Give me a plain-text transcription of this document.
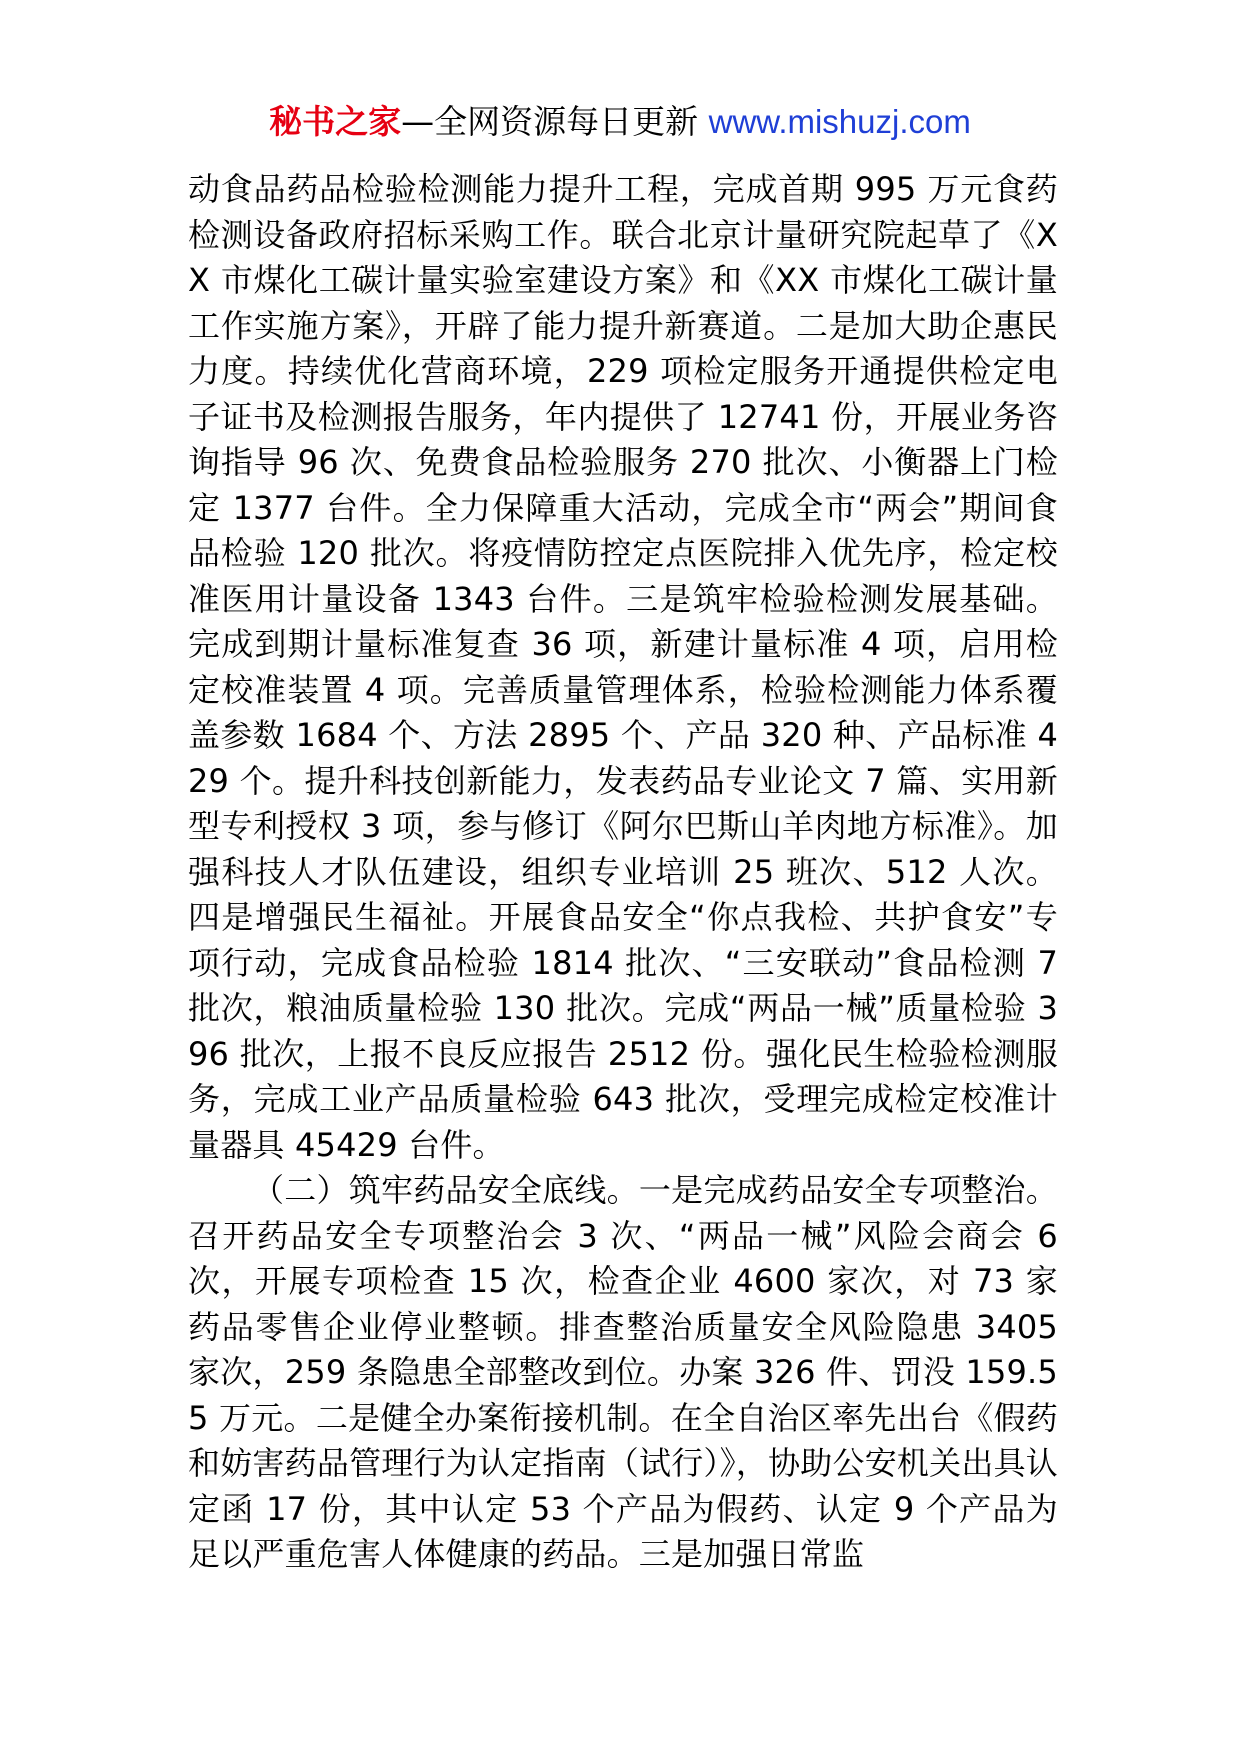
秘书之家—全网资源每日更新 www.mishuzj.com

动食品药品检验检测能力提升工程，完成首期 995 万元食药检测设备政府招标采购工作。联合北京计量研究院起草了《XX 市煤化工碳计量实验室建设方案》和《XX 市煤化工碳计量工作实施方案》，开辟了能力提升新赛道。二是加大助企惠民力度。持续优化营商环境，229 项检定服务开通提供检定电子证书及检测报告服务，年内提供了 12741 份，开展业务咨询指导 96 次、免费食品检验服务 270 批次、小衡器上门检定 1377 台件。全力保障重大活动，完成全市“两会”期间食品检验 120 批次。将疫情防控定点医院排入优先序，检定校准医用计量设备 1343 台件。三是筑牢检验检测发展基础。完成到期计量标准复查 36 项，新建计量标准 4 项，启用检定校准装置 4 项。完善质量管理体系，检验检测能力体系覆盖参数 1684 个、方法 2895 个、产品 320 种、产品标准 429 个。提升科技创新能力，发表药品专业论文 7 篇、实用新型专利授权 3 项，参与修订《阿尔巴斯山羊肉地方标准》。加强科技人才队伍建设，组织专业培训 25 班次、512 人次。四是增强民生福祉。开展食品安全“你点我检、共护食安”专项行动，完成食品检验 1814 批次、“三安联动”食品检测 7 批次，粮油质量检验 130 批次。完成“两品一械”质量检验 396 批次，上报不良反应报告 2512 份。强化民生检验检测服务，完成工业产品质量检验 643 批次，受理完成检定校准计量器具 45429 台件。

（二）筑牢药品安全底线。一是完成药品安全专项整治。召开药品安全专项整治会 3 次、“两品一械”风险会商会 6 次，开展专项检查 15 次，检查企业 4600 家次，对 73 家药品零售企业停业整顿。排查整治质量安全风险隐患 3405 家次，259 条隐患全部整改到位。办案 326 件、罚没 159.55 万元。二是健全办案衔接机制。在全自治区率先出台《假药和妨害药品管理行为认定指南（试行）》，协助公安机关出具认定函 17 份，其中认定 53 个产品为假药、认定 9 个产品为足以严重危害人体健康的药品。三是加强日常监
